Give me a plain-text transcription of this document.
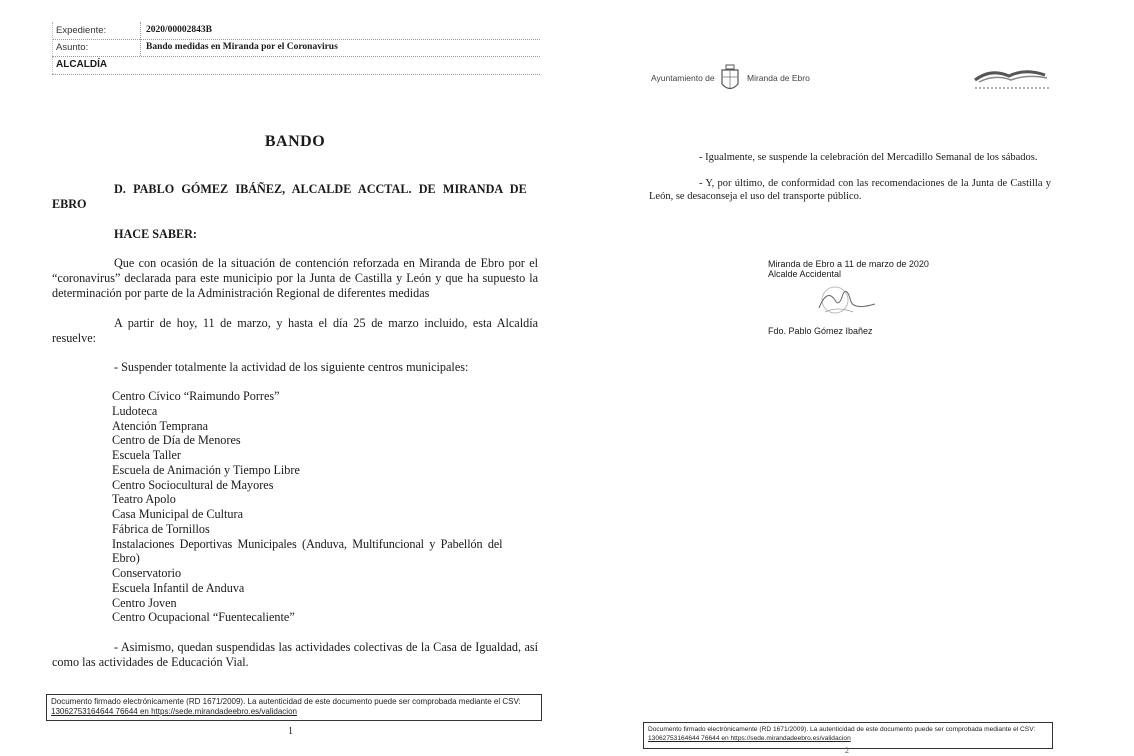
Expediente:	2020/00002843B
Asunto:	Bando medidas en Miranda por el Coronavirus
ALCALDÍA
BANDO
D. PABLO GÓMEZ IBÁÑEZ, ALCALDE ACCTAL. DE MIRANDA DE
EBRO
HACE SABER:
Que con ocasión de la situación de contención reforzada en Miranda de Ebro por el “coronavirus” declarada para este municipio por la Junta de Castilla y León y que ha supuesto la determinación por parte de la Administración Regional de diferentes medidas
A partir de hoy, 11 de marzo, y hasta el día 25 de marzo incluido, esta Alcaldía resuelve:
- Suspender totalmente la actividad de los siguiente centros municipales:
Centro Cívico “Raimundo Porres”
Ludoteca
Atención Temprana
Centro de Día de Menores
Escuela Taller
Escuela de Animación y Tiempo Libre
Centro Sociocultural de Mayores
Teatro Apolo
Casa Municipal de Cultura
Fábrica de Tornillos
Instalaciones Deportivas Municipales (Anduva, Multifuncional y Pabellón del
Ebro)
Conservatorio
Escuela Infantil de Anduva
Centro Joven
Centro Ocupacional “Fuentecaliente”
- Asimismo, quedan suspendidas las actividades colectivas de la Casa de Igualdad, así como las actividades de Educación Vial.
Documento firmado electrónicamente (RD 1671/2009). La autenticidad de este documento puede ser comprobada mediante el CSV:
13062753164644 76644 en https://sede.mirandadeebro.es/validacion
1
Ayuntamiento de	Miranda de Ebro
- Igualmente, se suspende la celebración del Mercadillo Semanal de los sábados.
- Y, por último, de conformidad con las recomendaciones de la Junta de Castilla y León, se desaconseja el uso del transporte público.
Miranda de Ebro a 11 de marzo de 2020
Alcalde Accidental
Fdo. Pablo Gómez Ibañez
Documento firmado electrónicamente (RD 1671/2009). La autenticidad de este documento puede ser comprobada mediante el CSV:
13062753164644 76644 en https://sede.mirandadeebro.es/validacion
2
